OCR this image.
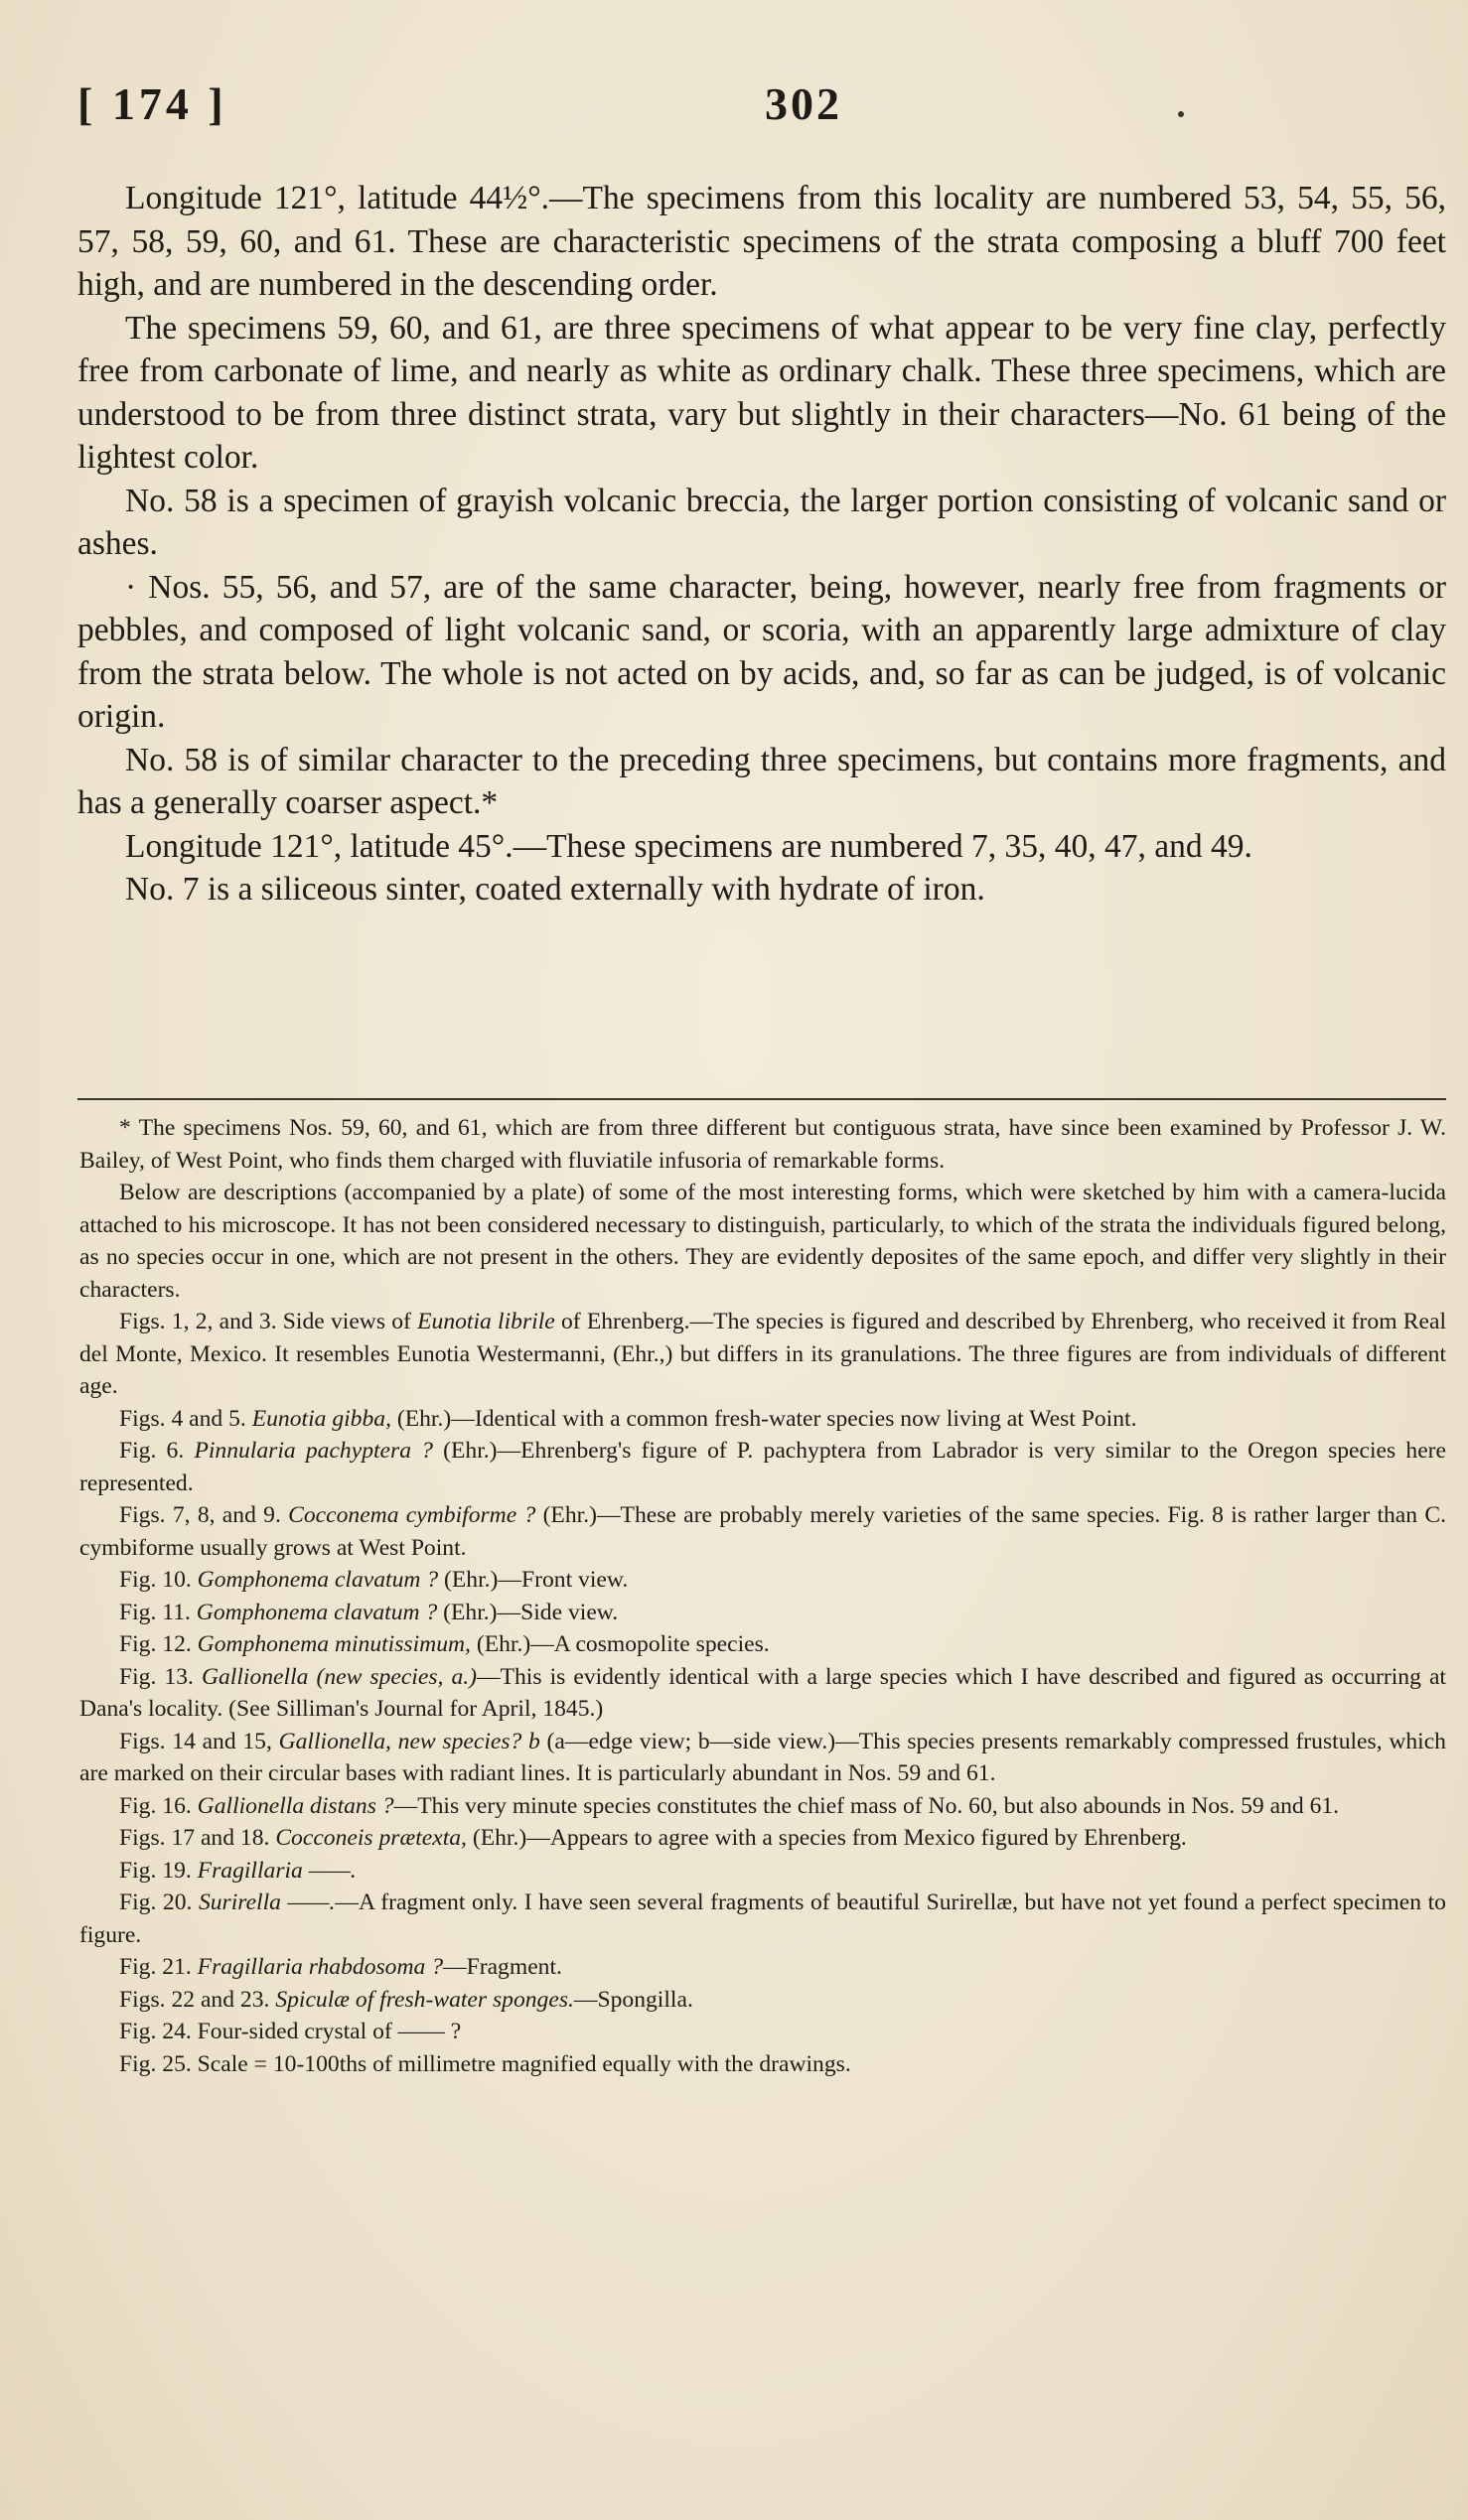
[ 174 ]	302

Longitude 121°, latitude 44½°.—The specimens from this locality are numbered 53, 54, 55, 56, 57, 58, 59, 60, and 61. These are characteristic specimens of the strata composing a bluff 700 feet high, and are numbered in the descending order.

The specimens 59, 60, and 61, are three specimens of what appear to be very fine clay, perfectly free from carbonate of lime, and nearly as white as ordinary chalk. These three specimens, which are understood to be from three distinct strata, vary but slightly in their characters—No. 61 being of the lightest color.

No. 58 is a specimen of grayish volcanic breccia, the larger portion consisting of volcanic sand or ashes.

· Nos. 55, 56, and 57, are of the same character, being, however, nearly free from fragments or pebbles, and composed of light volcanic sand, or scoria, with an apparently large admixture of clay from the strata below. The whole is not acted on by acids, and, so far as can be judged, is of volcanic origin.

No. 58 is of similar character to the preceding three specimens, but contains more fragments, and has a generally coarser aspect.*

Longitude 121°, latitude 45°.—These specimens are numbered 7, 35, 40, 47, and 49.

No. 7 is a siliceous sinter, coated externally with hydrate of iron.

* The specimens Nos. 59, 60, and 61, which are from three different but contiguous strata, have since been examined by Professor J. W. Bailey, of West Point, who finds them charged with fluviatile infusoria of remarkable forms.

Below are descriptions (accompanied by a plate) of some of the most interesting forms, which were sketched by him with a camera-lucida attached to his microscope. It has not been considered necessary to distinguish, particularly, to which of the strata the individuals figured belong, as no species occur in one, which are not present in the others. They are evidently deposites of the same epoch, and differ very slightly in their characters.

Figs. 1, 2, and 3. Side views of Eunotia librile of Ehrenberg.—The species is figured and described by Ehrenberg, who received it from Real del Monte, Mexico. It resembles Eunotia Westermanni, (Ehr.,) but differs in its granulations. The three figures are from individuals of different age.

Figs. 4 and 5. Eunotia gibba, (Ehr.)—Identical with a common fresh-water species now living at West Point.

Fig. 6. Pinnularia pachyptera ? (Ehr.)—Ehrenberg's figure of P. pachyptera from Labrador is very similar to the Oregon species here represented.

Figs. 7, 8, and 9. Cocconema cymbiforme ? (Ehr.)—These are probably merely varieties of the same species. Fig. 8 is rather larger than C. cymbiforme usually grows at West Point.

Fig. 10. Gomphonema clavatum ? (Ehr.)—Front view.

Fig. 11. Gomphonema clavatum ? (Ehr.)—Side view.

Fig. 12. Gomphonema minutissimum, (Ehr.)—A cosmopolite species.

Fig. 13. Gallionella (new species, a.)—This is evidently identical with a large species which I have described and figured as occurring at Dana's locality. (See Silliman's Journal for April, 1845.)

Figs. 14 and 15, Gallionella, new species? b (a—edge view; b—side view.)—This species presents remarkably compressed frustules, which are marked on their circular bases with radiant lines. It is particularly abundant in Nos. 59 and 61.

Fig. 16. Gallionella distans ?—This very minute species constitutes the chief mass of No. 60, but also abounds in Nos. 59 and 61.

Figs. 17 and 18. Cocconeis prætexta, (Ehr.)—Appears to agree with a species from Mexico figured by Ehrenberg.

Fig. 19. Fragillaria ——.

Fig. 20. Surirella ——.—A fragment only. I have seen several fragments of beautiful Surirellæ, but have not yet found a perfect specimen to figure.

Fig. 21. Fragillaria rhabdosoma ?—Fragment.

Figs. 22 and 23. Spiculæ of fresh-water sponges.—Spongilla.

Fig. 24. Four-sided crystal of —— ?

Fig. 25. Scale = 10-100ths of millimetre magnified equally with the drawings.
